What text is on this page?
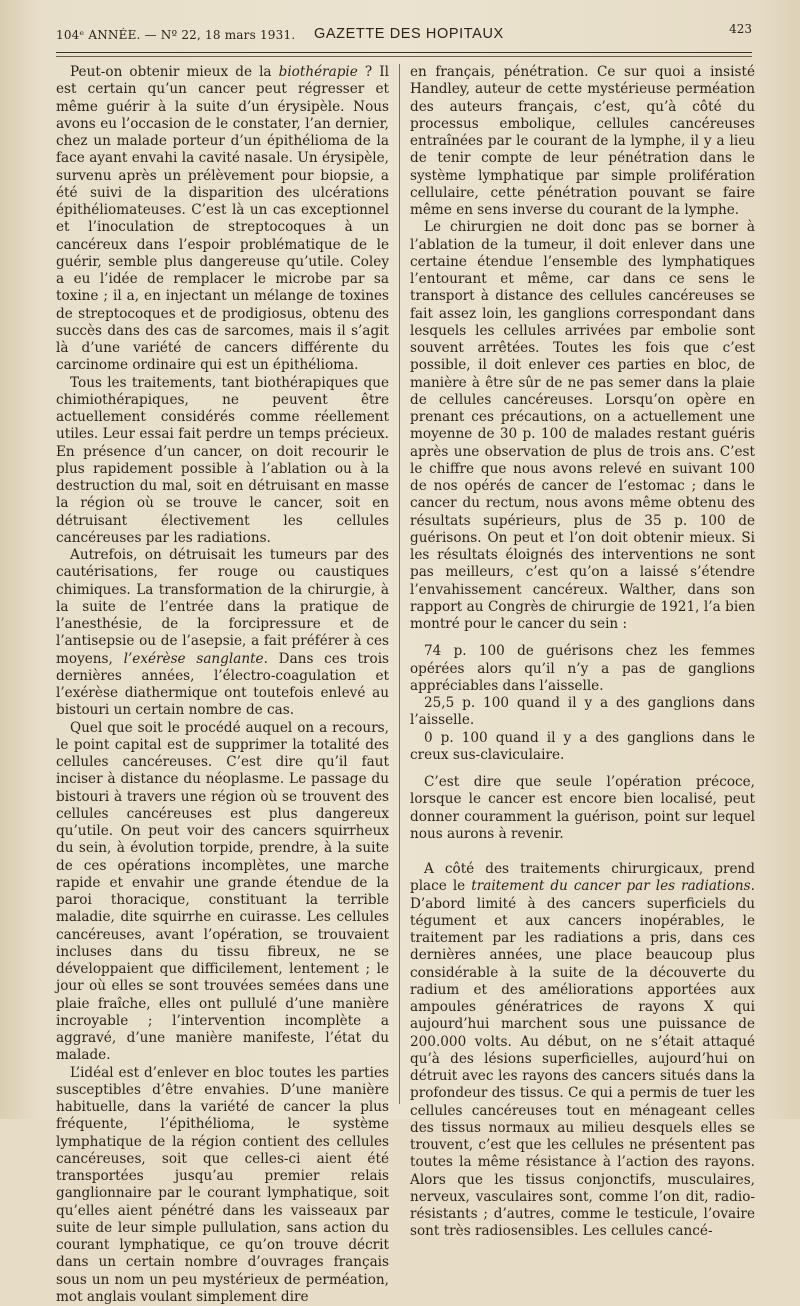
104ᵉ ANNÉE. — Nº 22, 18 mars 1931. GAZETTE DES HOPITAUX	423

Peut-on obtenir mieux de la biothérapie ? Il est certain qu’un cancer peut régresser et même guérir à la suite d’un érysipèle. Nous avons eu l’occasion de le constater, l’an dernier, chez un malade porteur d’un épithélioma de la face ayant envahi la cavité nasale. Un érysipèle, survenu après un prélèvement pour biopsie, a été suivi de la disparition des ulcérations épithéliomateuses. C’est là un cas exceptionnel et l’inoculation de streptocoques à un cancéreux dans l’espoir problématique de le guérir, semble plus dangereuse qu’utile. Coley a eu l’idée de remplacer le microbe par sa toxine ; il a, en injectant un mélange de toxines de streptocoques et de prodigiosus, obtenu des succès dans des cas de sarcomes, mais il s’agit là d’une variété de cancers différente du carcinome ordinaire qui est un épithélioma.

Tous les traitements, tant biothérapiques que chimiothérapiques, ne peuvent être actuellement considérés comme réellement utiles. Leur essai fait perdre un temps précieux. En présence d’un cancer, on doit recourir le plus rapidement possible à l’ablation ou à la destruction du mal, soit en détruisant en masse la région où se trouve le cancer, soit en détruisant électivement les cellules cancéreuses par les radiations.

Autrefois, on détruisait les tumeurs par des cautérisations, fer rouge ou caustiques chimiques. La transformation de la chirurgie, à la suite de l’entrée dans la pratique de l’anesthésie, de la forcipressure et de l’antisepsie ou de l’asepsie, a fait préférer à ces moyens, l’exérèse sanglante. Dans ces trois dernières années, l’électro-coagulation et l’exérèse diathermique ont toutefois enlevé au bistouri un certain nombre de cas.

Quel que soit le procédé auquel on a recours, le point capital est de supprimer la totalité des cellules cancéreuses. C’est dire qu’il faut inciser à distance du néoplasme. Le passage du bistouri à travers une région où se trouvent des cellules cancéreuses est plus dangereux qu’utile. On peut voir des cancers squirrheux du sein, à évolution torpide, prendre, à la suite de ces opérations incomplètes, une marche rapide et envahir une grande étendue de la paroi thoracique, constituant la terrible maladie, dite squirrhe en cuirasse. Les cellules cancéreuses, avant l’opération, se trouvaient incluses dans du tissu fibreux, ne se développaient que difficilement, lentement ; le jour où elles se sont trouvées semées dans une plaie fraîche, elles ont pullulé d’une manière incroyable ; l’intervention incomplète a aggravé, d’une manière manifeste, l’état du malade.

L’idéal est d’enlever en bloc toutes les parties susceptibles d’être envahies. D’une manière habituelle, dans la variété de cancer la plus fréquente, l’épithélioma, le système lymphatique de la région contient des cellules cancéreuses, soit que celles-ci aient été transportées jusqu’au premier relais ganglionnaire par le courant lymphatique, soit qu’elles aient pénétré dans les vaisseaux par suite de leur simple pullulation, sans action du courant lymphatique, ce qu’on trouve décrit dans un certain nombre d’ouvrages français sous un nom un peu mystérieux de perméation, mot anglais voulant simplement dire

en français, pénétration. Ce sur quoi a insisté Handley, auteur de cette mystérieuse perméation des auteurs français, c’est, qu’à côté du processus embolique, cellules cancéreuses entraînées par le courant de la lymphe, il y a lieu de tenir compte de leur pénétration dans le système lymphatique par simple prolifération cellulaire, cette pénétration pouvant se faire même en sens inverse du courant de la lymphe.

Le chirurgien ne doit donc pas se borner à l’ablation de la tumeur, il doit enlever dans une certaine étendue l’ensemble des lymphatiques l’entourant et même, car dans ce sens le transport à distance des cellules cancéreuses se fait assez loin, les ganglions correspondant dans lesquels les cellules arrivées par embolie sont souvent arrêtées. Toutes les fois que c’est possible, il doit enlever ces parties en bloc, de manière à être sûr de ne pas semer dans la plaie de cellules cancéreuses. Lorsqu’on opère en prenant ces précautions, on a actuellement une moyenne de 30 p. 100 de malades restant guéris après une observation de plus de trois ans. C’est le chiffre que nous avons relevé en suivant 100 de nos opérés de cancer de l’estomac ; dans le cancer du rectum, nous avons même obtenu des résultats supérieurs, plus de 35 p. 100 de guérisons. On peut et l’on doit obtenir mieux. Si les résultats éloignés des interventions ne sont pas meilleurs, c’est qu’on a laissé s’étendre l’envahissement cancéreux. Walther, dans son rapport au Congrès de chirurgie de 1921, l’a bien montré pour le cancer du sein :

74 p. 100 de guérisons chez les femmes opérées alors qu’il n’y a pas de ganglions appréciables dans l’aisselle.

25,5 p. 100 quand il y a des ganglions dans l’aisselle.

0 p. 100 quand il y a des ganglions dans le creux sus-claviculaire.

C’est dire que seule l’opération précoce, lorsque le cancer est encore bien localisé, peut donner couramment la guérison, point sur lequel nous aurons à revenir.

A côté des traitements chirurgicaux, prend place le traitement du cancer par les radiations. D’abord limité à des cancers superficiels du tégument et aux cancers inopérables, le traitement par les radiations a pris, dans ces dernières années, une place beaucoup plus considérable à la suite de la découverte du radium et des améliorations apportées aux ampoules génératrices de rayons X qui aujourd’hui marchent sous une puissance de 200.000 volts. Au début, on ne s’était attaqué qu’à des lésions superficielles, aujourd’hui on détruit avec les rayons des cancers situés dans la profondeur des tissus. Ce qui a permis de tuer les cellules cancéreuses tout en ménageant celles des tissus normaux au milieu desquels elles se trouvent, c’est que les cellules ne présentent pas toutes la même résistance à l’action des rayons. Alors que les tissus conjonctifs, musculaires, nerveux, vasculaires sont, comme l’on dit, radio-résistants ; d’autres, comme le testicule, l’ovaire sont très radiosensibles. Les cellules cancé-
